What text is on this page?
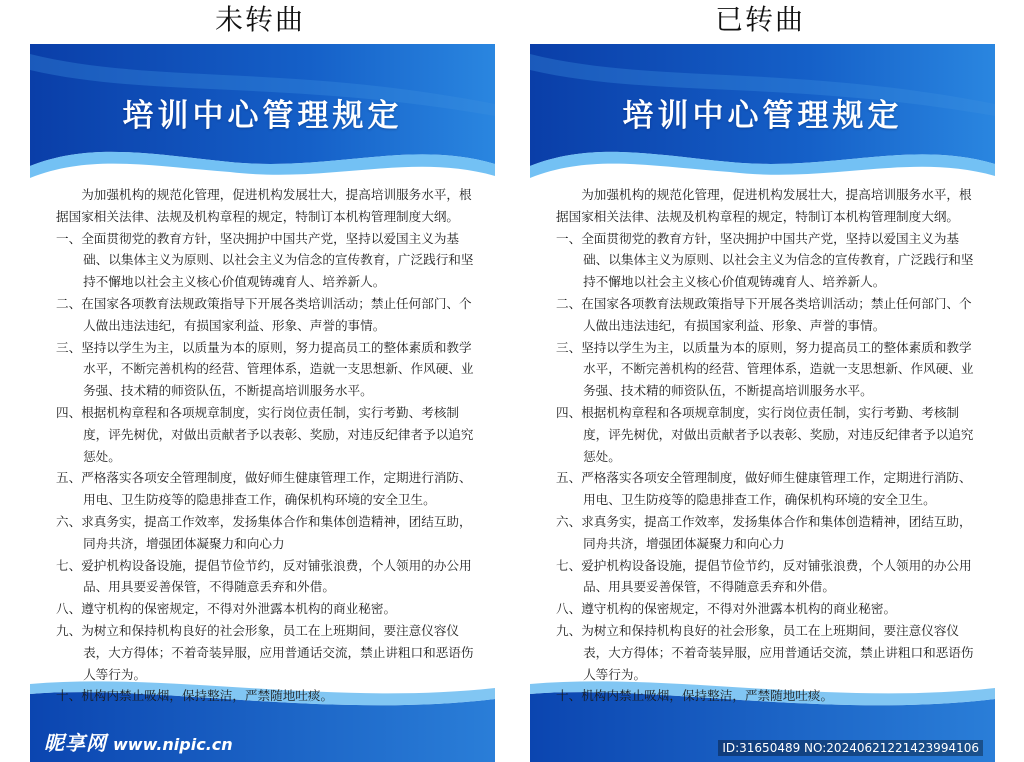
未转曲	已转曲
培训中心管理规定

为加强机构的规范化管理，促进机构发展壮大，提高培训服务水平，根据国家相关法律、法规及机构章程的规定，特制订本机构管理制度大纲。

一、全面贯彻党的教育方针，坚决拥护中国共产党，坚持以爱国主义为基础、以集体主义为原则、以社会主义为信念的宣传教育，广泛践行和坚持不懈地以社会主义核心价值观铸魂育人、培养新人。

二、在国家各项教育法规政策指导下开展各类培训活动；禁止任何部门、个人做出违法违纪，有损国家利益、形象、声誉的事情。

三、坚持以学生为主，以质量为本的原则，努力提高员工的整体素质和教学水平，不断完善机构的经营、管理体系，造就一支思想新、作风硬、业务强、技术精的师资队伍，不断提高培训服务水平。

四、根据机构章程和各项规章制度，实行岗位责任制，实行考勤、考核制度，评先树优，对做出贡献者予以表彰、奖励，对违反纪律者予以追究惩处。

五、严格落实各项安全管理制度，做好师生健康管理工作，定期进行消防、用电、卫生防疫等的隐患排查工作，确保机构环境的安全卫生。

六、求真务实，提高工作效率，发扬集体合作和集体创造精神，团结互助，同舟共济，增强团体凝聚力和向心力

七、爱护机构设备设施，提倡节俭节约，反对铺张浪费，个人领用的办公用品、用具要妥善保管，不得随意丢弃和外借。

八、遵守机构的保密规定，不得对外泄露本机构的商业秘密。

九、为树立和保持机构良好的社会形象，员工在上班期间，要注意仪容仪表，大方得体；不着奇装异服，应用普通话交流，禁止讲粗口和恶语伤人等行为。

十、机构内禁止吸烟，保持整洁，严禁随地吐痰。

昵享网 www.nipic.cn
培训中心管理规定

为加强机构的规范化管理，促进机构发展壮大，提高培训服务水平，根据国家相关法律、法规及机构章程的规定，特制订本机构管理制度大纲。

一、全面贯彻党的教育方针，坚决拥护中国共产党，坚持以爱国主义为基础、以集体主义为原则、以社会主义为信念的宣传教育，广泛践行和坚持不懈地以社会主义核心价值观铸魂育人、培养新人。

二、在国家各项教育法规政策指导下开展各类培训活动；禁止任何部门、个人做出违法违纪，有损国家利益、形象、声誉的事情。

三、坚持以学生为主，以质量为本的原则，努力提高员工的整体素质和教学水平，不断完善机构的经营、管理体系，造就一支思想新、作风硬、业务强、技术精的师资队伍，不断提高培训服务水平。

四、根据机构章程和各项规章制度，实行岗位责任制，实行考勤、考核制度，评先树优，对做出贡献者予以表彰、奖励，对违反纪律者予以追究惩处。

五、严格落实各项安全管理制度，做好师生健康管理工作，定期进行消防、用电、卫生防疫等的隐患排查工作，确保机构环境的安全卫生。

六、求真务实，提高工作效率，发扬集体合作和集体创造精神，团结互助，同舟共济，增强团体凝聚力和向心力

七、爱护机构设备设施，提倡节俭节约，反对铺张浪费，个人领用的办公用品、用具要妥善保管，不得随意丢弃和外借。

八、遵守机构的保密规定，不得对外泄露本机构的商业秘密。

九、为树立和保持机构良好的社会形象，员工在上班期间，要注意仪容仪表，大方得体；不着奇装异服，应用普通话交流，禁止讲粗口和恶语伤人等行为。

十、机构内禁止吸烟，保持整洁，严禁随地吐痰。

ID:31650489 NO:20240621221423994106
